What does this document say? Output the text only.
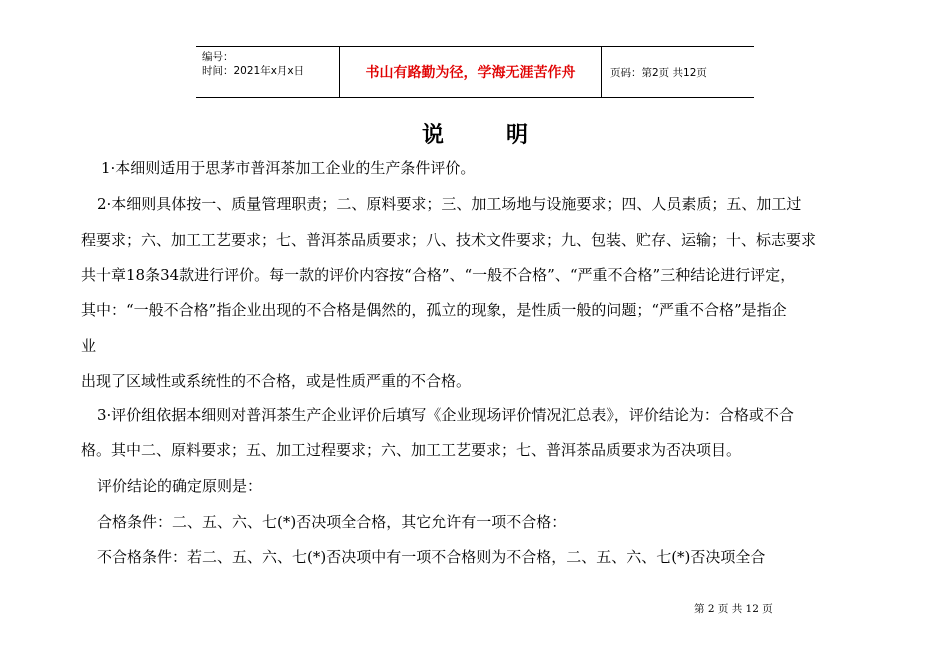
编号：
时间：2021年x月x日	书山有路勤为径，学海无涯苦作舟	页码：第2页 共12页
说明
1·本细则适用于思茅市普洱茶加工企业的生产条件评价。
2·本细则具体按一、质量管理职责；二、原料要求；三、加工场地与设施要求；四、人员素质；五、加工过
程要求；六、加工工艺要求；七、普洱茶品质要求；八、技术文件要求；九、包装、贮存、运输；十、标志要求
共十章18条34款进行评价。每一款的评价内容按“合格”、“一般不合格”、“严重不合格”三种结论进行评定，
其中：“一般不合格”指企业出现的不合格是偶然的，孤立的现象，是性质一般的问题；“严重不合格”是指企
业
出现了区域性或系统性的不合格，或是性质严重的不合格。
3·评价组依据本细则对普洱茶生产企业评价后填写《企业现场评价情况汇总表》，评价结论为：合格或不合
格。其中二、原料要求；五、加工过程要求；六、加工工艺要求；七、普洱茶品质要求为否决项目。
评价结论的确定原则是：
合格条件：二、五、六、七(*)否决项全合格，其它允许有一项不合格：
不合格条件：若二、五、六、七(*)否决项中有一项不合格则为不合格，二、五、六、七(*)否决项全合
第 2 页 共 12 页
